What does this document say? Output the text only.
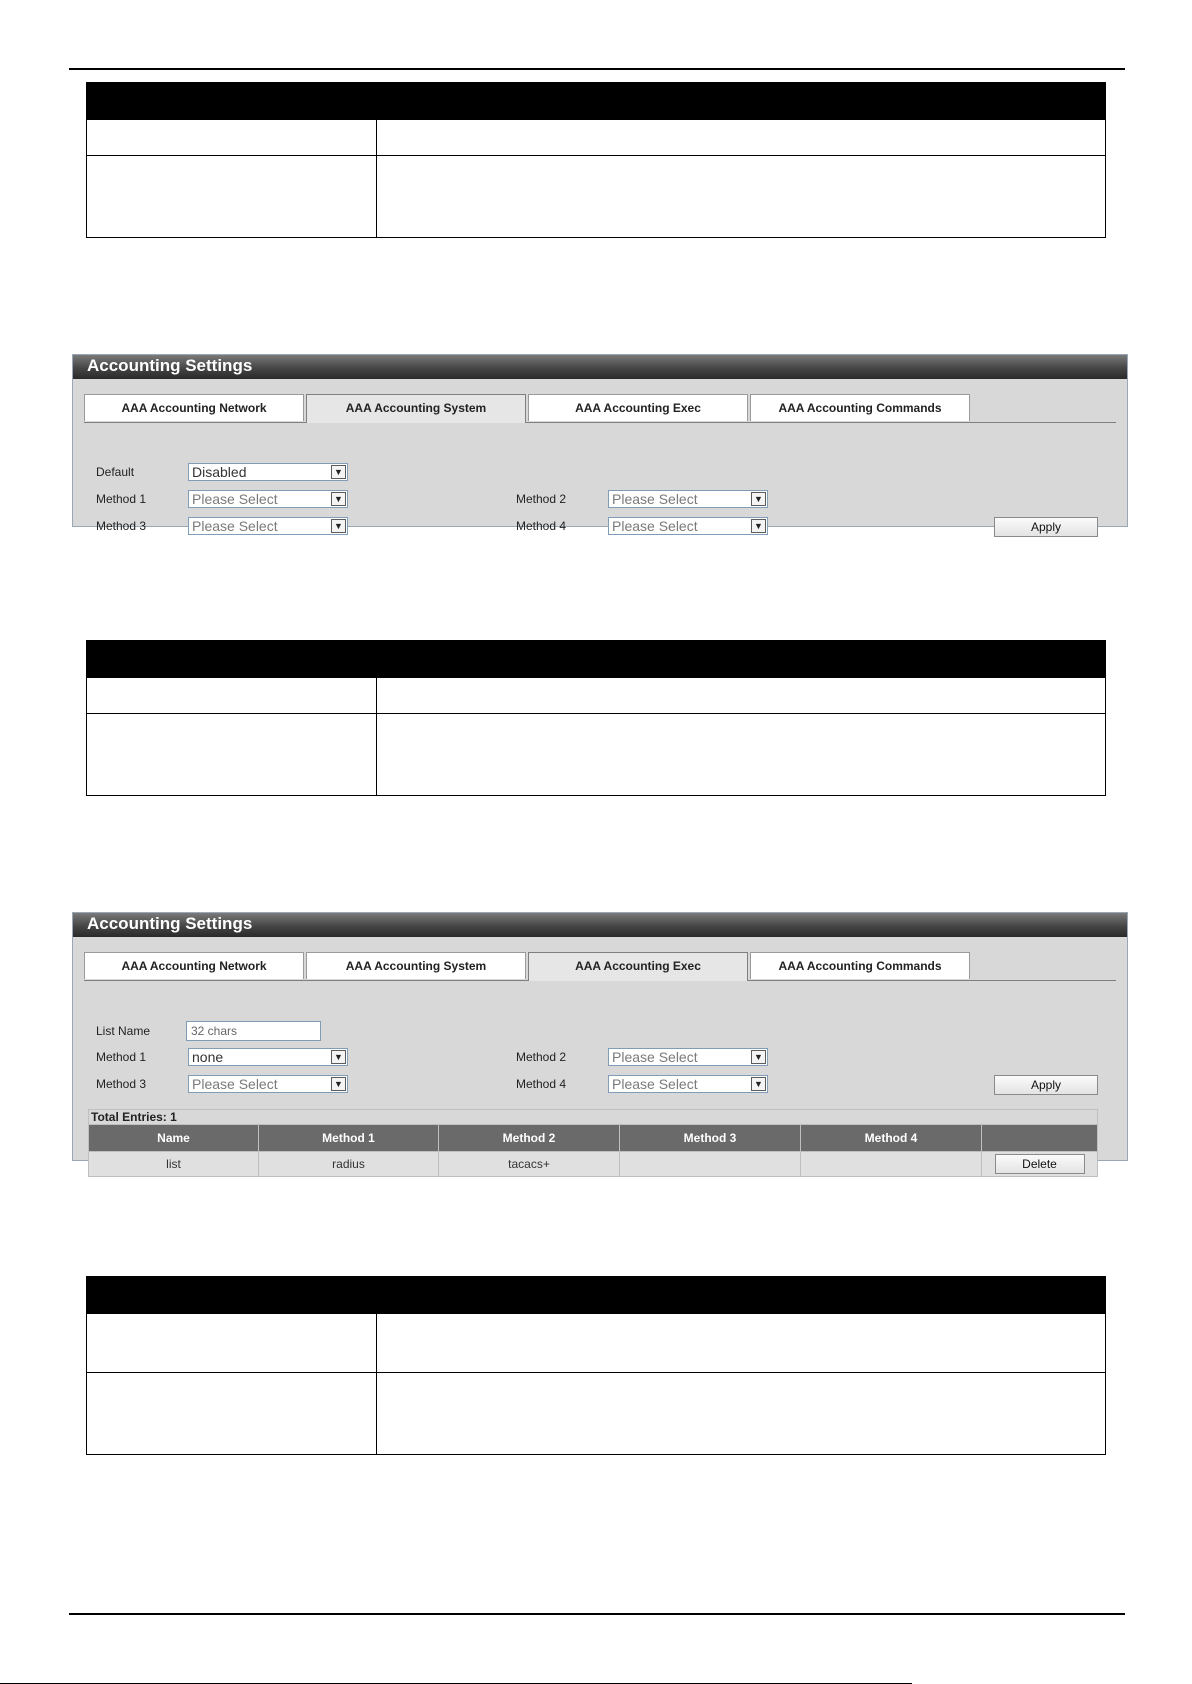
Accounting Settings
AAA Accounting Network	AAA Accounting System	AAA Accounting Exec	AAA Accounting Commands
Default	Disabled	▼
Method 1	Please Select	▼	Method 2	Please Select	▼
Method 3	Please Select	▼	Method 4	Please Select	▼	Apply

Accounting Settings
AAA Accounting Network	AAA Accounting System	AAA Accounting Exec	AAA Accounting Commands
List Name	32 chars
Method 1	none	▼	Method 2	Please Select	▼
Method 3	Please Select	▼	Method 4	Please Select	▼	Apply
Total Entries: 1
Name	Method 1	Method 2	Method 3	Method 4	
list	radius	tacacs+			Delete
